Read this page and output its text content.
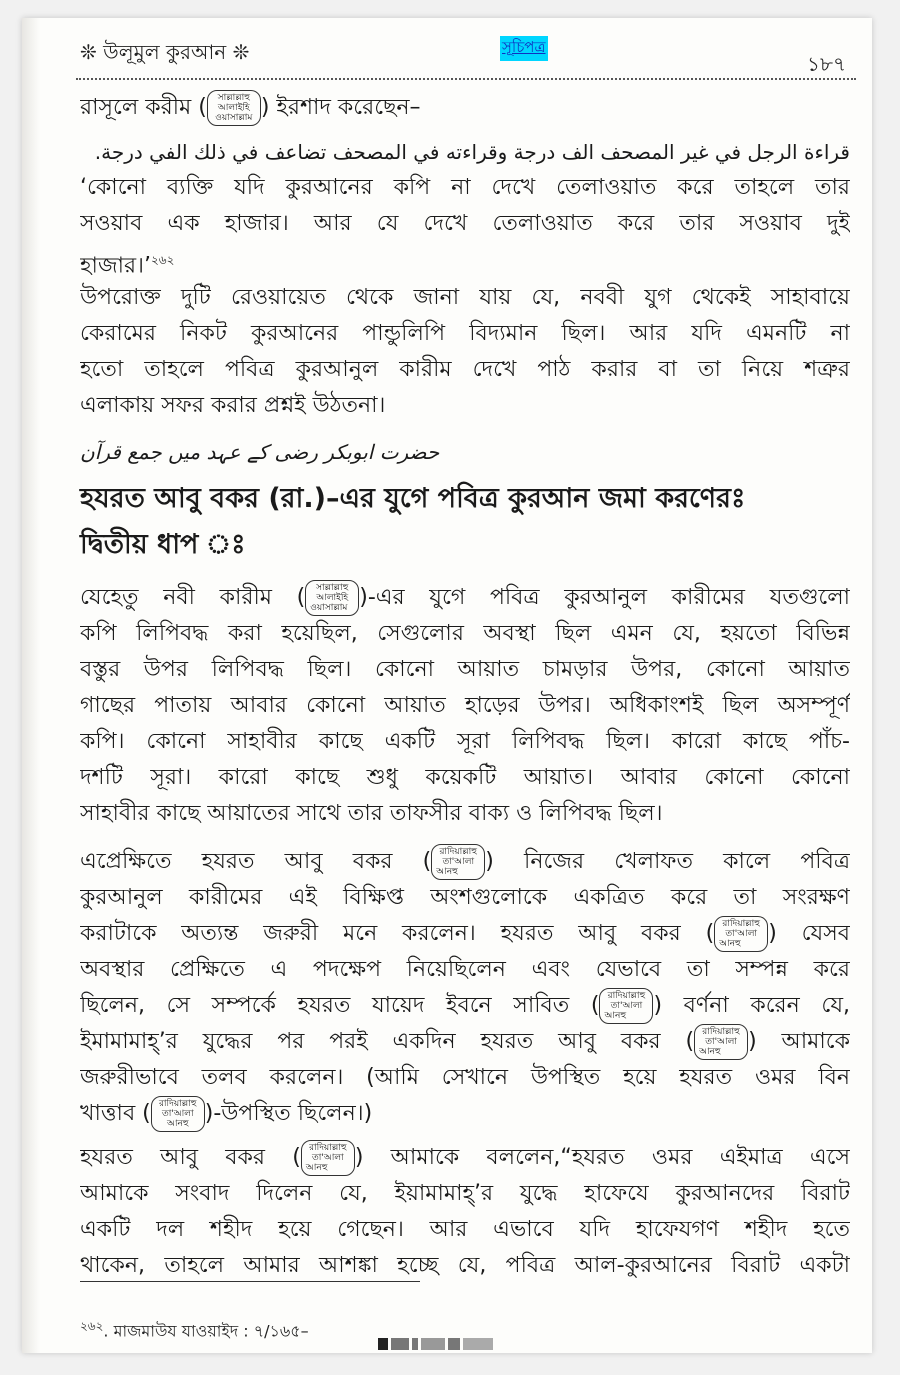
❊ উলূমুল কুরআন ❊	১৮৭
সূচিপত্র
রাসূলে করীম ( সাল্লাল্লাহু আলাইহি ওয়াসাল্লাম ) ইরশাদ করেছেন–
قراءة الرجل في غير المصحف الف درجة وقراءته في المصحف تضاعف في ذلك الفي درجة.
‘কোনো ব্যক্তি যদি কুরআনের কপি না দেখে তেলাওয়াত করে তাহলে তার
সওয়াব এক হাজার। আর যে দেখে তেলাওয়াত করে তার সওয়াব দুই
হাজার।’$^{২৬২}$
উপরোক্ত দুটি রেওয়ায়েত থেকে জানা যায় যে, নববী যুগ থেকেই সাহাবায়ে
কেরামের নিকট কুরআনের পান্ডুলিপি বিদ্যমান ছিল। আর যদি এমনটি না
হতো তাহলে পবিত্র কুরআনুল কারীম দেখে পাঠ করার বা তা নিয়ে শত্রুর
এলাকায় সফর করার প্রশ্নই উঠতনা।
حضرت ابوبکر رضی کے عہد میں جمع قرآن
হযরত আবু বকর (রা.)–এর যুগে পবিত্র কুরআন জমা করণেরঃ
দ্বিতীয় ধাপ ঃ
যেহেতু নবী কারীম ( সাল্লাল্লাহু আলাইহি ওয়াসাল্লাম )-এর যুগে পবিত্র কুরআনুল কারীমের যতগুলো
কপি লিপিবদ্ধ করা হয়েছিল, সেগুলোর অবস্থা ছিল এমন যে, হয়তো বিভিন্ন
বস্তুর উপর লিপিবদ্ধ ছিল। কোনো আয়াত চামড়ার উপর, কোনো আয়াত
গাছের পাতায় আবার কোনো আয়াত হাড়ের উপর। অধিকাংশই ছিল অসম্পূর্ণ
কপি। কোনো সাহাবীর কাছে একটি সূরা লিপিবদ্ধ ছিল। কারো কাছে পাঁচ-
দশটি সূরা। কারো কাছে শুধু কয়েকটি আয়াত। আবার কোনো কোনো
সাহাবীর কাছে আয়াতের সাথে তার তাফসীর বাক্য ও লিপিবদ্ধ ছিল।
এপ্রেক্ষিতে হযরত আবু বকর ( রাদিয়াল্লাহু তা'আলা আনহু ) নিজের খেলাফত কালে পবিত্র
কুরআনুল কারীমের এই বিক্ষিপ্ত অংশগুলোকে একত্রিত করে তা সংরক্ষণ
করাটাকে অত্যন্ত জরুরী মনে করলেন। হযরত আবু বকর ( রাদিয়াল্লাহু তা'আলা আনহু ) যেসব
অবস্থার প্রেক্ষিতে এ পদক্ষেপ নিয়েছিলেন এবং যেভাবে তা সম্পন্ন করে
ছিলেন, সে সম্পর্কে হযরত যায়েদ ইবনে সাবিত ( রাদিয়াল্লাহু তা'আলা আনহু ) বর্ণনা করেন যে,
ইমামামাহ্’র যুদ্ধের পর পরই একদিন হযরত আবু বকর ( রাদিয়াল্লাহু তা'আলা আনহু ) আমাকে
জরুরীভাবে তলব করলেন। (আমি সেখানে উপস্থিত হয়ে হযরত ওমর বিন
খাত্তাব ( রাদিয়াল্লাহু তা'আলা আনহু )-উপস্থিত ছিলেন।)
হযরত আবু বকর ( রাদিয়াল্লাহু তা'আলা আনহু ) আমাকে বললেন,“হযরত ওমর এইমাত্র এসে
আমাকে সংবাদ দিলেন যে, ইয়ামামাহ্’র যুদ্ধে হাফেযে কুরআনদের বিরাট
একটি দল শহীদ হয়ে গেছেন। আর এভাবে যদি হাফেযগণ শহীদ হতে
থাকেন, তাহলে আমার আশঙ্কা হচ্ছে যে, পবিত্র আল-কুরআনের বিরাট একটা
$^{২৬২}$. মাজমাউয যাওয়াইদ : ৭/১৬৫–
